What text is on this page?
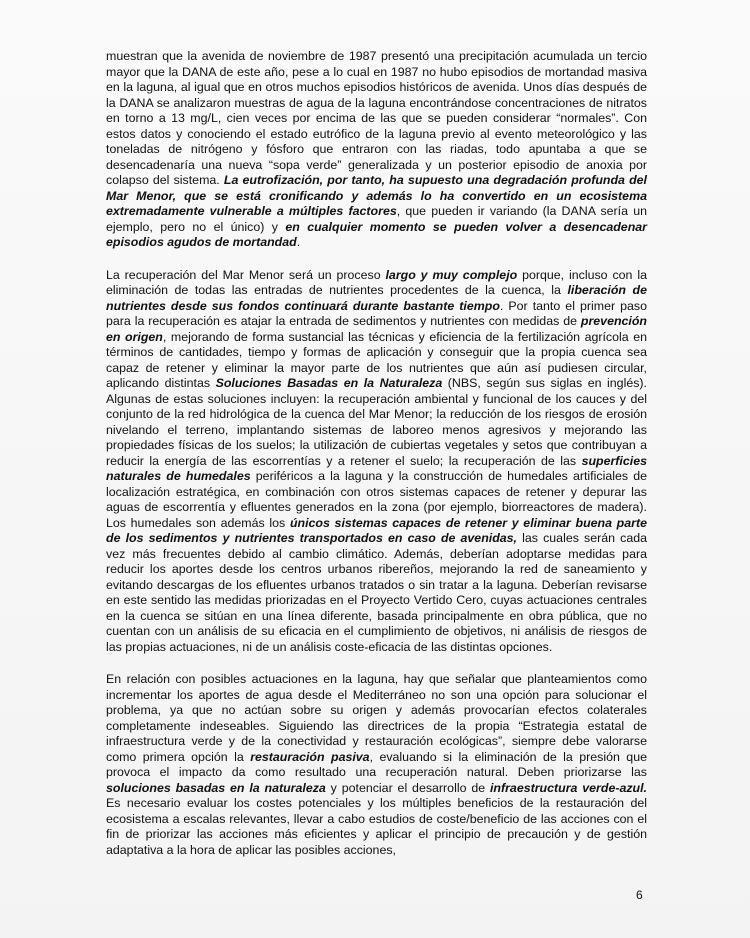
muestran que la avenida de noviembre de 1987 presentó una precipitación acumulada un tercio mayor que la DANA de este año, pese a lo cual en 1987 no hubo episodios de mortandad masiva en la laguna, al igual que en otros muchos episodios históricos de avenida. Unos días después de la DANA se analizaron muestras de agua de la laguna encontrándose concentraciones de nitratos en torno a 13 mg/L, cien veces por encima de las que se pueden considerar “normales”. Con estos datos y conociendo el estado eutrófico de la laguna previo al evento meteorológico y las toneladas de nitrógeno y fósforo que entraron con las riadas, todo apuntaba a que se desencadenaría una nueva “sopa verde” generalizada y un posterior episodio de anoxia por colapso del sistema. La eutrofización, por tanto, ha supuesto una degradación profunda del Mar Menor, que se está cronificando y además lo ha convertido en un ecosistema extremadamente vulnerable a múltiples factores, que pueden ir variando (la DANA sería un ejemplo, pero no el único) y en cualquier momento se pueden volver a desencadenar episodios agudos de mortandad.

La recuperación del Mar Menor será un proceso largo y muy complejo porque, incluso con la eliminación de todas las entradas de nutrientes procedentes de la cuenca, la liberación de nutrientes desde sus fondos continuará durante bastante tiempo. Por tanto el primer paso para la recuperación es atajar la entrada de sedimentos y nutrientes con medidas de prevención en origen, mejorando de forma sustancial las técnicas y eficiencia de la fertilización agrícola en términos de cantidades, tiempo y formas de aplicación y conseguir que la propia cuenca sea capaz de retener y eliminar la mayor parte de los nutrientes que aún así pudiesen circular, aplicando distintas Soluciones Basadas en la Naturaleza (NBS, según sus siglas en inglés). Algunas de estas soluciones incluyen: la recuperación ambiental y funcional de los cauces y del conjunto de la red hidrológica de la cuenca del Mar Menor; la reducción de los riesgos de erosión nivelando el terreno, implantando sistemas de laboreo menos agresivos y mejorando las propiedades físicas de los suelos; la utilización de cubiertas vegetales y setos que contribuyan a reducir la energía de las escorrentías y a retener el suelo; la recuperación de las superficies naturales de humedales periféricos a la laguna y la construcción de humedales artificiales de localización estratégica, en combinación con otros sistemas capaces de retener y depurar las aguas de escorrentía y efluentes generados en la zona (por ejemplo, biorreactores de madera). Los humedales son además los únicos sistemas capaces de retener y eliminar buena parte de los sedimentos y nutrientes transportados en caso de avenidas, las cuales serán cada vez más frecuentes debido al cambio climático. Además, deberían adoptarse medidas para reducir los aportes desde los centros urbanos ribereños, mejorando la red de saneamiento y evitando descargas de los efluentes urbanos tratados o sin tratar a la laguna. Deberían revisarse en este sentido las medidas priorizadas en el Proyecto Vertido Cero, cuyas actuaciones centrales en la cuenca se sitúan en una línea diferente, basada principalmente en obra pública, que no cuentan con un análisis de su eficacia en el cumplimiento de objetivos, ni análisis de riesgos de las propias actuaciones, ni de un análisis coste-eficacia de las distintas opciones.

En relación con posibles actuaciones en la laguna, hay que señalar que planteamientos como incrementar los aportes de agua desde el Mediterráneo no son una opción para solucionar el problema, ya que no actúan sobre su origen y además provocarían efectos colaterales completamente indeseables. Siguiendo las directrices de la propia “Estrategia estatal de infraestructura verde y de la conectividad y restauración ecológicas”, siempre debe valorarse como primera opción la restauración pasiva, evaluando si la eliminación de la presión que provoca el impacto da como resultado una recuperación natural. Deben priorizarse las soluciones basadas en la naturaleza y potenciar el desarrollo de infraestructura verde-azul. Es necesario evaluar los costes potenciales y los múltiples beneficios de la restauración del ecosistema a escalas relevantes, llevar a cabo estudios de coste/beneficio de las acciones con el fin de priorizar las acciones más eficientes y aplicar el principio de precaución y de gestión adaptativa a la hora de aplicar las posibles acciones,

6
